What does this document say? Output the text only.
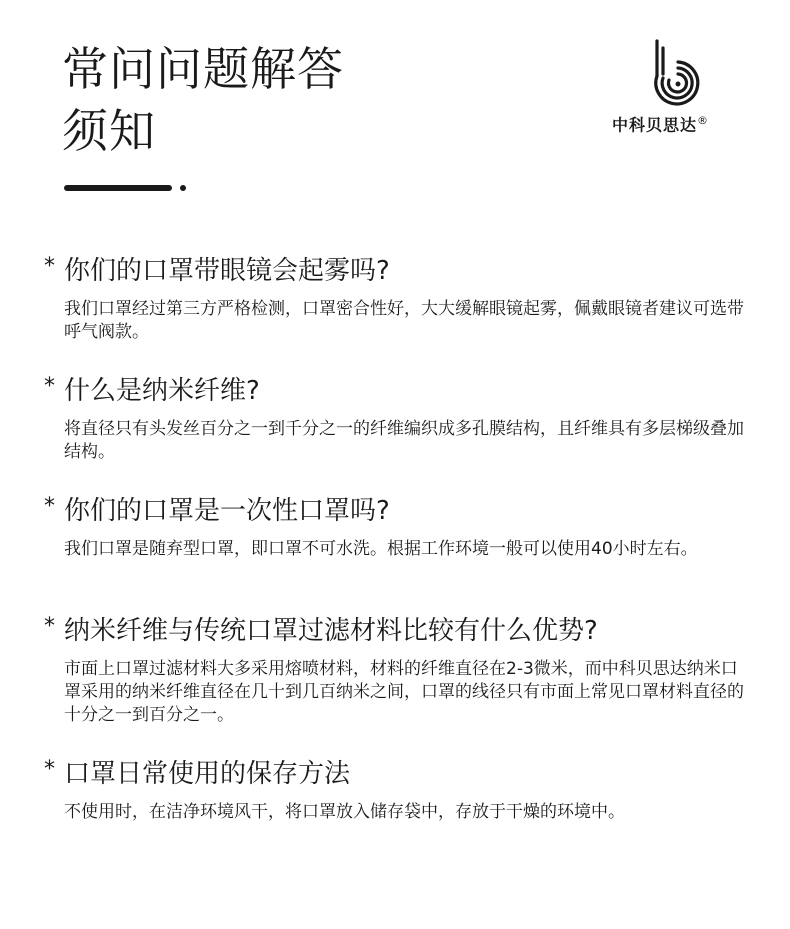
常问问题解答
须知	中科贝思达®
* 你们的口罩带眼镜会起雾吗?
我们口罩经过第三方严格检测，口罩密合性好，大大缓解眼镜起雾，佩戴眼镜者建议可选带呼气阀款。
* 什么是纳米纤维?
将直径只有头发丝百分之一到千分之一的纤维编织成多孔膜结构，且纤维具有多层梯级叠加结构。
* 你们的口罩是一次性口罩吗?
我们口罩是随弃型口罩，即口罩不可水洗。根据工作环境一般可以使用40小时左右。
* 纳米纤维与传统口罩过滤材料比较有什么优势?
市面上口罩过滤材料大多采用熔喷材料，材料的纤维直径在2-3微米，而中科贝思达纳米口罩采用的纳米纤维直径在几十到几百纳米之间，口罩的线径只有市面上常见口罩材料直径的十分之一到百分之一。
* 口罩日常使用的保存方法
不使用时，在洁净环境风干，将口罩放入储存袋中，存放于干燥的环境中。
